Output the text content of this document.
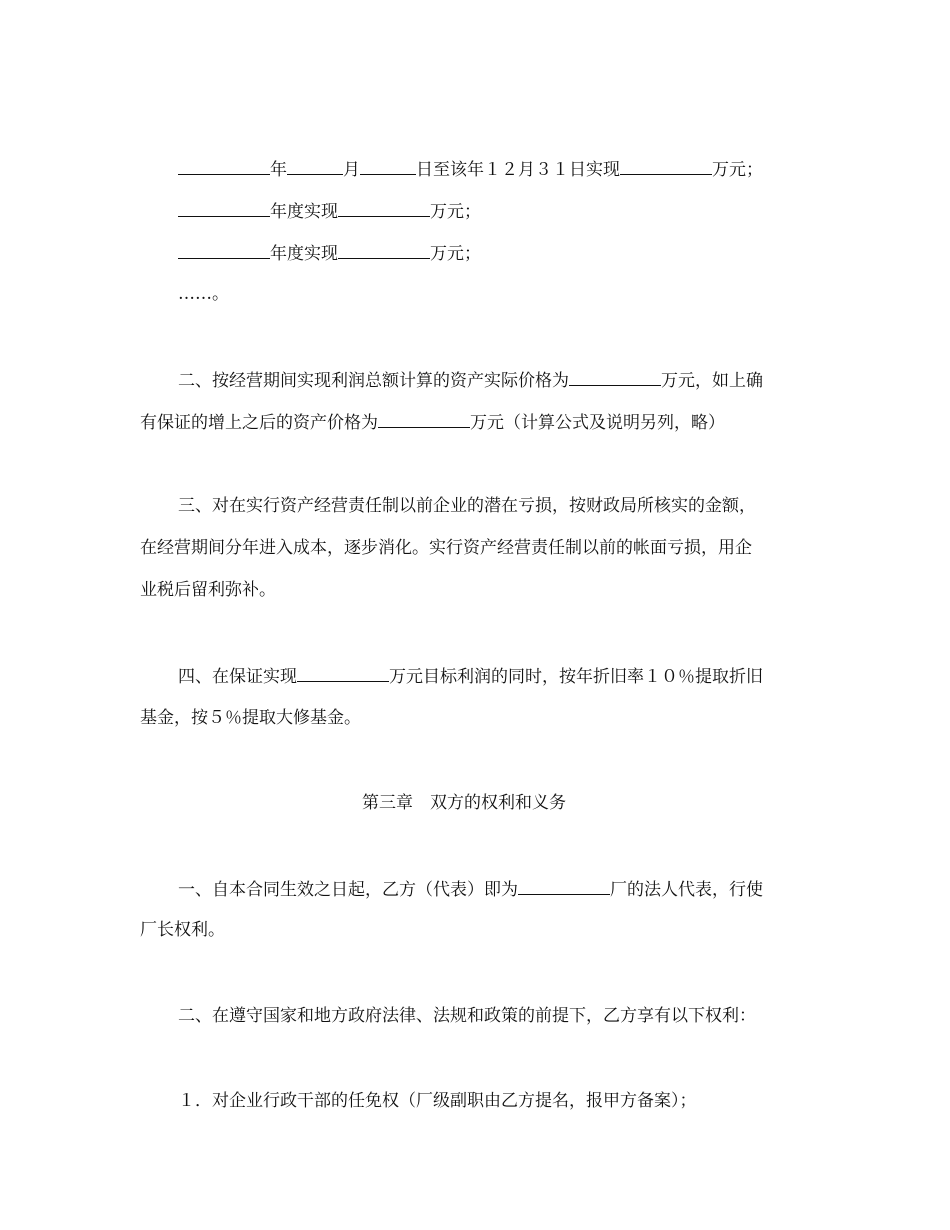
年	月	日至该年１２月３１日实现	万元；
年度实现	万元；
年度实现	万元；
……。
二、按经营期间实现利润总额计算的资产实际价格为	万元，如上确
有保证的增上之后的资产价格为	万元（计算公式及说明另列，略）
三、对在实行资产经营责任制以前企业的潜在亏损，按财政局所核实的金额，
在经营期间分年进入成本，逐步消化。实行资产经营责任制以前的帐面亏损，用企
业税后留利弥补。
四、在保证实现	万元目标利润的同时，按年折旧率１０％提取折旧
基金，按５％提取大修基金。
第三章　双方的权利和义务
一、自本合同生效之日起，乙方（代表）即为	厂的法人代表，行使
厂长权利。
二、在遵守国家和地方政府法律、法规和政策的前提下，乙方享有以下权利：
１．对企业行政干部的任免权（厂级副职由乙方提名，报甲方备案）；
